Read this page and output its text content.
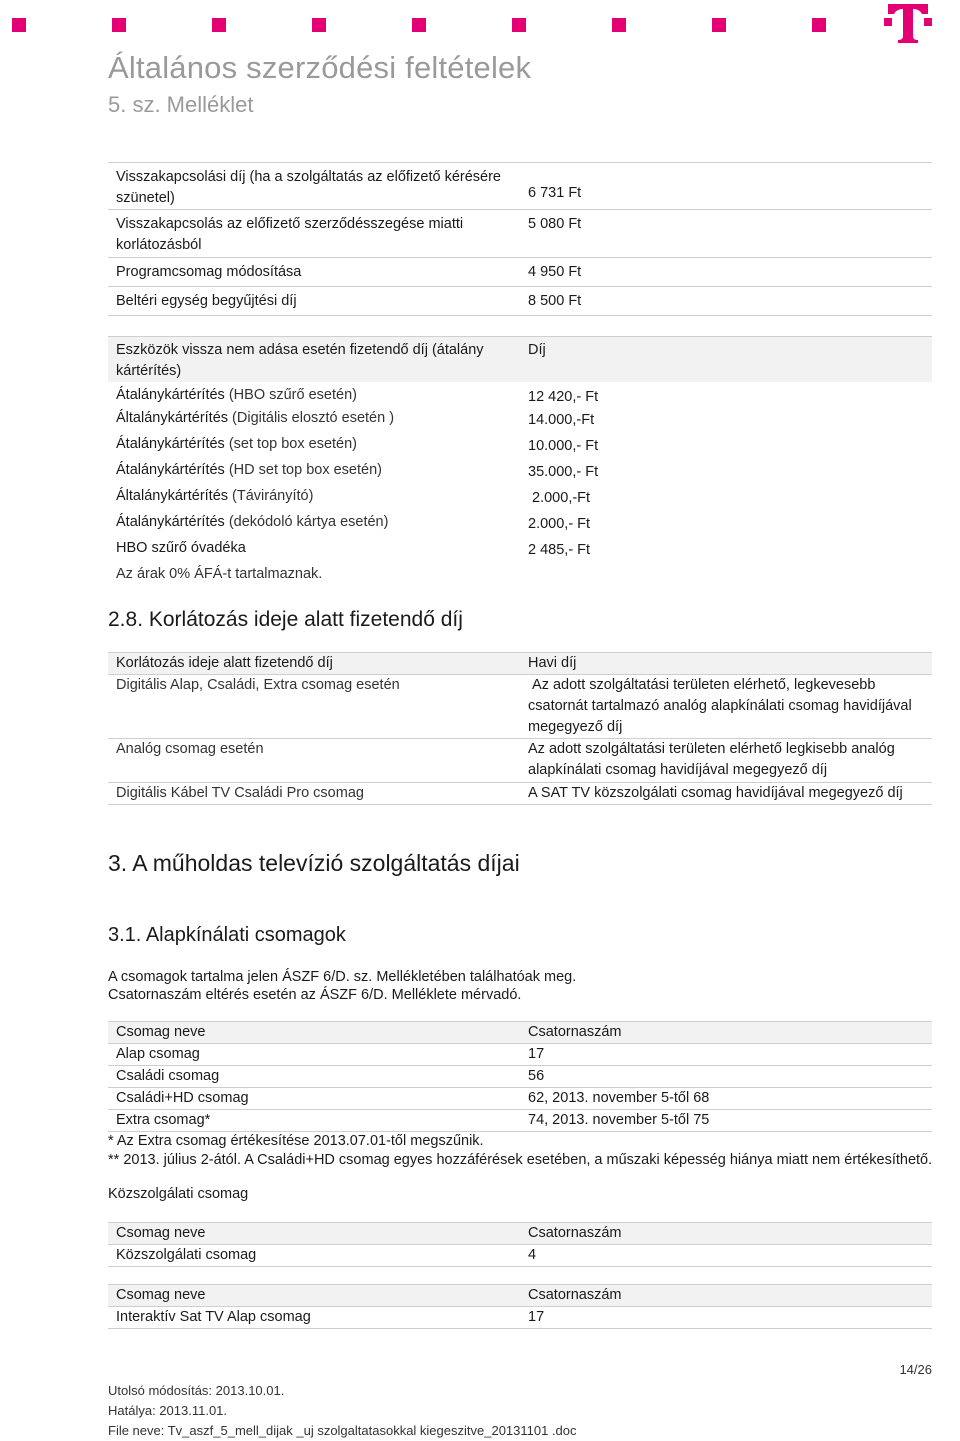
Általános szerződési feltételek
5. sz. Melléklet
Visszakapcsolási díj (ha a szolgáltatás az előfizető kérésére szünetel)	6 731 Ft
Visszakapcsolás az előfizető szerződésszegése miatti korlátozásból	5 080 Ft
Programcsomag módosítása	4 950 Ft
Beltéri egység begyűjtési díj	8 500 Ft
Eszközök vissza nem adása esetén fizetendő díj (átalány kártérítés)	Díj
Átalánykártérítés (HBO szűrő esetén)	12 420,- Ft
Általánykártérítés (Digitális elosztó esetén )	14.000,-Ft
Átalánykártérítés (set top box esetén)	10.000,- Ft
Átalánykártérítés (HD set top box esetén)	35.000,- Ft
Általánykártérítés (Távirányító)	2.000,-Ft
Átalánykártérítés (dekódoló kártya esetén)	2.000,- Ft
HBO szűrő óvadéka	2 485,- Ft
Az árak 0% ÁFÁ-t tartalmaznak.	
2.8. Korlátozás ideje alatt fizetendő díj
Korlátozás ideje alatt fizetendő díj	Havi díj
Digitális Alap, Családi, Extra csomag esetén	Az adott szolgáltatási területen elérhető, legkevesebb csatornát tartalmazó analóg alapkínálati csomag havidíjával megegyező díj
Analóg csomag esetén	Az adott szolgáltatási területen elérhető legkisebb analóg alapkínálati csomag havidíjával megegyező díj
Digitális Kábel TV Családi Pro csomag	A SAT TV közszolgálati csomag havidíjával megegyező díj
3. A műholdas televízió szolgáltatás díjai
3.1. Alapkínálati csomagok
A csomagok tartalma jelen ÁSZF 6/D. sz. Mellékletében találhatóak meg.
Csatornaszám eltérés esetén az ÁSZF 6/D. Melléklete mérvadó.
Csomag neve	Csatornaszám
Alap csomag	17
Családi csomag	56
Családi+HD csomag	62, 2013. november 5-től 68
Extra csomag*	74, 2013. november 5-től 75
* Az Extra csomag értékesítése 2013.07.01-től megszűnik.
** 2013. július 2-ától. A Családi+HD csomag egyes hozzáférések esetében, a műszaki képesség hiánya miatt nem értékesíthető.
Közszolgálati csomag
Csomag neve	Csatornaszám
Közszolgálati csomag	4
Csomag neve	Csatornaszám
Interaktív Sat TV Alap csomag	17
14/26
Utolsó módosítás: 2013.10.01.
Hatálya: 2013.11.01.
File neve: Tv_aszf_5_mell_dijak _uj szolgaltatasokkal kiegeszitve_20131101 .doc
